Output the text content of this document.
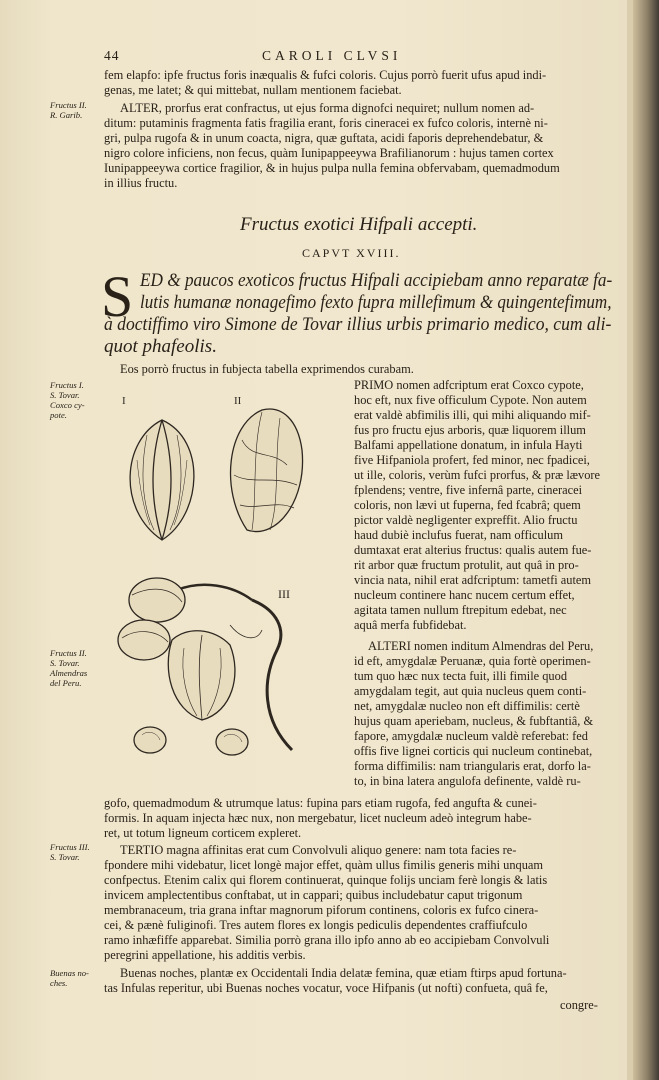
44	CAROLI CLVSI
Fructus II.
R. Garib.
Fructus I.
S. Tovar.
Coxco cy-
pote.
Fructus II.
S. Tovar.
Almendras
del Peru.
Fructus III.
S. Tovar.
Buenas no-
ches.
fem elapfo: ipfe fructus foris inæqualis & fufci coloris. Cujus porrò fuerit ufus apud indi-
genas, me latet; & qui mittebat, nullam mentionem faciebat.
ALTER, prorfus erat confractus, ut ejus forma dignofci nequiret; nullum nomen ad-
ditum: putaminis fragmenta fatis fragilia erant, foris cineracei ex fufco coloris, internè ni-
gri, pulpa rugofa & in unum coacta, nigra, quæ guftata, acidi faporis deprehendebatur, &
nigro colore inficiens, non fecus, quàm Iunipappeeywa Brafilianorum : hujus tamen cortex
Iunipappeeywa cortice fragilior, & in hujus pulpa nulla femina obfervabam, quemadmodum
in illius fructu.
Fructus exotici Hifpali accepti.
CAPVT XVIII.
S ED & paucos exoticos fructus Hifpali accipiebam anno reparatæ fa-
lutis humanæ nonagefimo fexto fupra millefimum & quingentefimum,
à doctiffimo viro Simone de Tovar illius urbis primario medico, cum ali-
quot phafeolis.
Eos porrò fructus in fubjecta tabella exprimendos curabam.
I	II
III
PRIMO nomen adfcriptum erat Coxco cypote,
hoc eft, nux five officulum Cypote. Non autem
erat valdè abfimilis illi, qui mihi aliquando mif-
fus pro fructu ejus arboris, quæ liquorem illum
Balfami appellatione donatum, in infula Hayti
five Hifpaniola profert, fed minor, nec fpadicei,
ut ille, coloris, verùm fufci prorfus, & præ lævore
fplendens; ventre, five infernâ parte, cineracei
coloris, non lævi ut fuperna, fed fcabrâ; quem
pictor valdè negligenter expreffit. Alio fructu
haud dubiè inclufus fuerat, nam officulum
dumtaxat erat alterius fructus: qualis autem fue-
rit arbor quæ fructum protulit, aut quâ in pro-
vincia nata, nihil erat adfcriptum: tametfi autem
nucleum continere hanc nucem certum effet,
agitata tamen nullum ftrepitum edebat, nec
aquâ merfa fubfidebat.
ALTERI nomen inditum Almendras del Peru,
id eft, amygdalæ Peruanæ, quia fortè operimen-
tum quo hæc nux tecta fuit, illi fimile quod
amygdalam tegit, aut quia nucleus quem conti-
net, amygdalæ nucleo non eft diffimilis: certè
hujus quam aperiebam, nucleus, & fubftantiâ, &
fapore, amygdalæ nucleum valdè referebat: fed
offis five lignei corticis qui nucleum continebat,
forma diffimilis: nam triangularis erat, dorfo la-
to, in bina latera angulofa definente, valdè ru-
gofo, quemadmodum & utrumque latus: fupina pars etiam rugofa, fed angufta & cunei-
formis. In aquam injecta hæc nux, non mergebatur, licet nucleum adeò integrum habe-
ret, ut totum ligneum corticem expleret.
TERTIO magna affinitas erat cum Convolvuli aliquo genere: nam tota facies re-
fpondere mihi videbatur, licet longè major effet, quàm ullus fimilis generis mihi unquam
confpectus. Etenim calix qui florem continuerat, quinque folijs unciam ferè longis & latis
invicem amplectentibus conftabat, ut in cappari; quibus includebatur caput trigonum
membranaceum, tria grana inftar magnorum piforum continens, coloris ex fufco cinera-
cei, & pænè fuliginofi. Tres autem flores ex longis pediculis dependentes craffiufculo
ramo inhæfiffe apparebat. Similia porrò grana illo ipfo anno ab eo accipiebam Convolvuli
peregrini appellatione, his additis verbis.
Buenas noches, plantæ ex Occidentali India delatæ femina, quæ etiam ftirps apud fortuna-
tas Infulas reperitur, ubi Buenas noches vocatur, voce Hifpanis (ut nofti) confueta, quâ fe,
congre-
